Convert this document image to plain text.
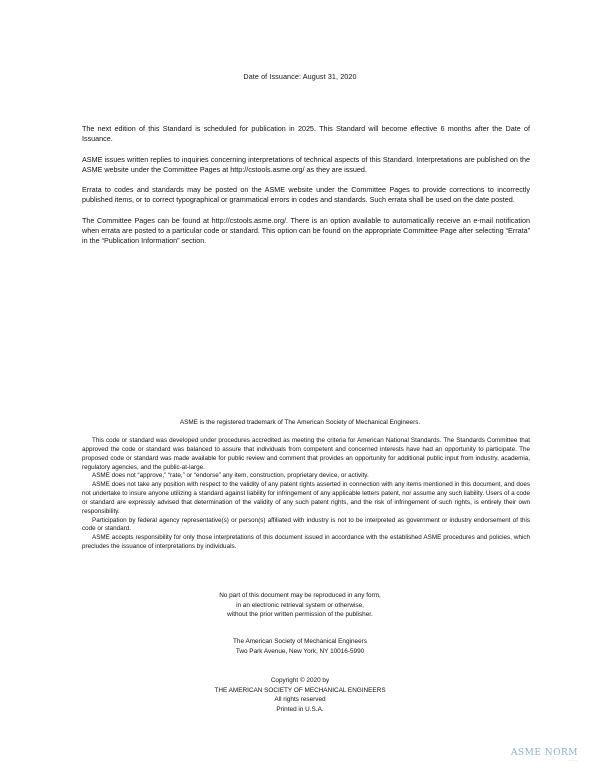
Date of Issuance: August 31, 2020

The next edition of this Standard is scheduled for publication in 2025. This Standard will become effective 6 months after the Date of Issuance.

ASME issues written replies to inquiries concerning interpretations of technical aspects of this Standard. Interpretations are published on the ASME website under the Committee Pages at http://cstools.asme.org/ as they are issued.

Errata to codes and standards may be posted on the ASME website under the Committee Pages to provide corrections to incorrectly published items, or to correct typographical or grammatical errors in codes and standards. Such errata shall be used on the date posted.

The Committee Pages can be found at http://cstools.asme.org/. There is an option available to automatically receive an e-mail notification when errata are posted to a particular code or standard. This option can be found on the appropriate Committee Page after selecting “Errata” in the “Publication Information” section.

ASME is the registered trademark of The American Society of Mechanical Engineers.

This code or standard was developed under procedures accredited as meeting the criteria for American National Standards. The Standards Committee that approved the code or standard was balanced to assure that individuals from competent and concerned interests have had an opportunity to participate. The proposed code or standard was made available for public review and comment that provides an opportunity for additional public input from industry, academia, regulatory agencies, and the public-at-large.

ASME does not “approve,” “rate,” or “endorse” any item, construction, proprietary device, or activity.

ASME does not take any position with respect to the validity of any patent rights asserted in connection with any items mentioned in this document, and does not undertake to insure anyone utilizing a standard against liability for infringement of any applicable letters patent, nor assume any such liability. Users of a code or standard are expressly advised that determination of the validity of any such patent rights, and the risk of infringement of such rights, is entirely their own responsibility.

Participation by federal agency representative(s) or person(s) affiliated with industry is not to be interpreted as government or industry endorsement of this code or standard.

ASME accepts responsibility for only those interpretations of this document issued in accordance with the established ASME procedures and policies, which precludes the issuance of interpretations by individuals.

No part of this document may be reproduced in any form,
in an electronic retrieval system or otherwise,
without the prior written permission of the publisher.
The American Society of Mechanical Engineers
Two Park Avenue, New York, NY 10016-5990
Copyright © 2020 by
THE AMERICAN SOCIETY OF MECHANICAL ENGINEERS
All rights reserved
Printed in U.S.A.
ASME NORM
———
